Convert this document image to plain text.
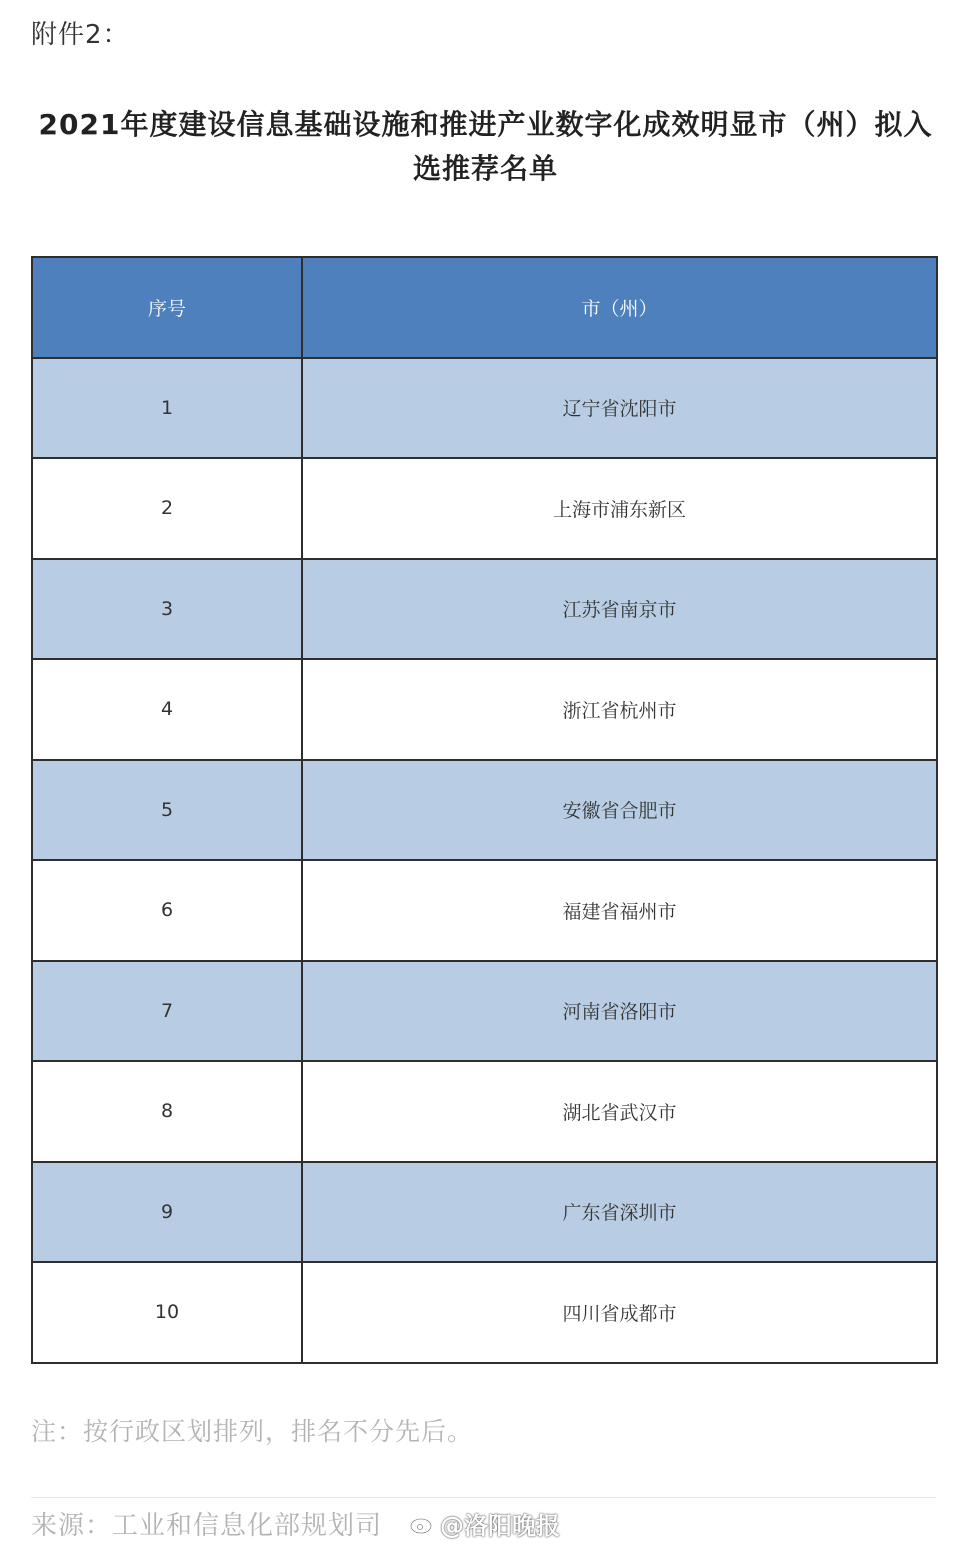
附件2：
2021年度建设信息基础设施和推进产业数字化成效明显市（州）拟入
选推荐名单
序号	市（州）
1	辽宁省沈阳市
2	上海市浦东新区
3	江苏省南京市
4	浙江省杭州市
5	安徽省合肥市
6	福建省福州市
7	河南省洛阳市
8	湖北省武汉市
9	广东省深圳市
10	四川省成都市
注：按行政区划排列，排名不分先后。
来源：工业和信息化部规划司 @洛阳晚报
